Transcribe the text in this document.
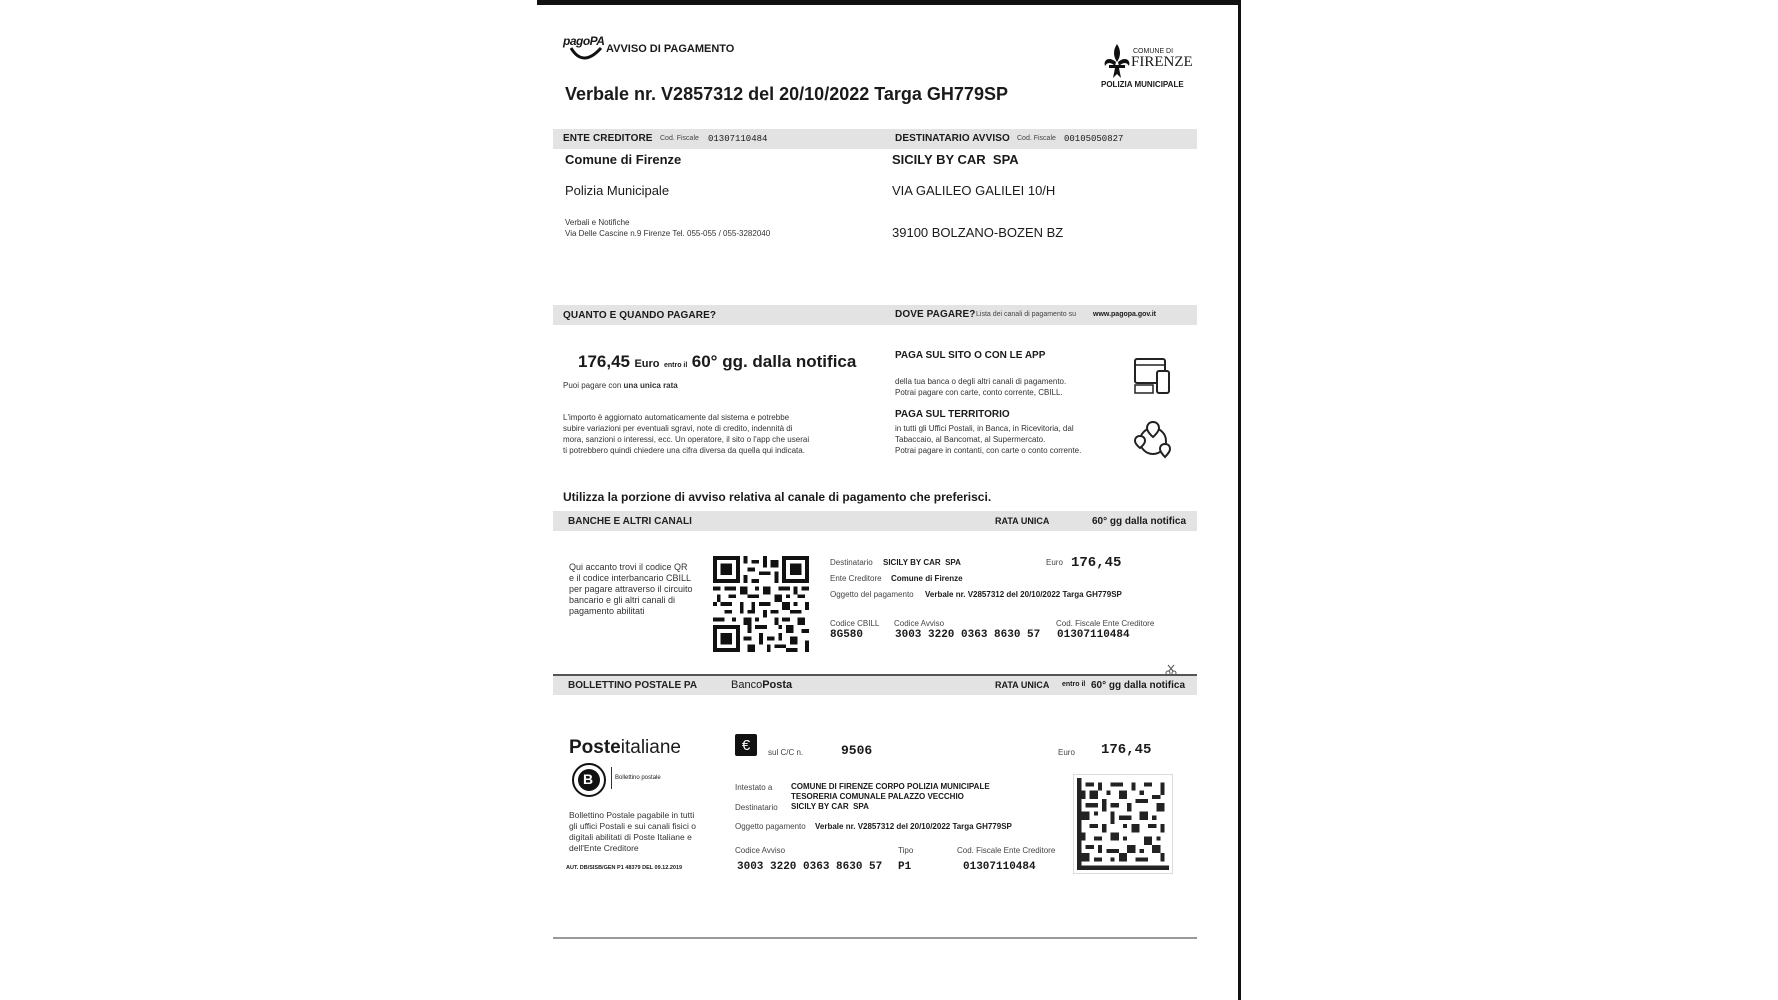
pagoPA
AVVISO DI PAGAMENTO
Verbale nr. V2857312 del 20/10/2022 Targa GH779SP
COMUNE DI
FIRENZE
POLIZIA MUNICIPALE
ENTE CREDITORE Cod. Fiscale 01307110484	DESTINATARIO AVVISO Cod. Fiscale 00105050827
Comune di Firenze
Polizia Municipale
Verbali e Notifiche
Via Delle Cascine n.9 Firenze Tel. 055-055 / 055-3282040
SICILY BY CAR  SPA
VIA GALILEO GALILEI 10/H
39100 BOLZANO-BOZEN BZ
QUANTO E QUANDO PAGARE?	DOVE PAGARE? Lista dei canali di pagamento su www.pagopa.gov.it
176,45 Euro entro il 60° gg. dalla notifica
Puoi pagare con una unica rata
L'importo è aggiornato automaticamente dal sistema e potrebbe
subire variazioni per eventuali sgravi, note di credito, indennità di
mora, sanzioni o interessi, ecc. Un operatore, il sito o l'app che userai
ti potrebbero quindi chiedere una cifra diversa da quella qui indicata.
PAGA SUL SITO O CON LE APP
della tua banca o degli altri canali di pagamento.
Potrai pagare con carte, conto corrente, CBILL.
PAGA SUL TERRITORIO
in tutti gli Uffici Postali, in Banca, in Ricevitoria, dal
Tabaccaio, al Bancomat, al Supermercato.
Potrai pagare in contanti, con carte o conto corrente.
Utilizza la porzione di avviso relativa al canale di pagamento che preferisci.
BANCHE E ALTRI CANALI	RATA UNICA	60° gg dalla notifica
Qui accanto trovi il codice QR
e il codice interbancario CBILL
per pagare attraverso il circuito
bancario e gli altri canali di
pagamento abilitati
Destinatario SICILY BY CAR  SPA
Ente Creditore Comune di Firenze
Oggetto del pagamento Verbale nr. V2857312 del 20/10/2022 Targa GH779SP
Euro 176,45
Codice CBILL
8G580
Codice Avviso
3003 3220 0363 8630 57
Cod. Fiscale Ente Creditore
01307110484
BOLLETTINO POSTALE PA	BancoPosta	RATA UNICA entro il 60° gg dalla notifica
Posteitaliane
B	Bollettino postale
Bollettino Postale pagabile in tutti
gli uffici Postali e sui canali fisici o
digitali abilitati di Poste Italiane e
dell'Ente Creditore
AUT. DB/SISB/GEN P1 48379 DEL 09.12.2019
€ sul C/C n.	9506	Euro 176,45
Intestato a COMUNE DI FIRENZE CORPO POLIZIA MUNICIPALE
TESORERIA COMUNALE PALAZZO VECCHIO
Destinatario SICILY BY CAR  SPA
Oggetto pagamento Verbale nr. V2857312 del 20/10/2022 Targa GH779SP
Codice Avviso
3003 3220 0363 8630 57
Tipo
P1
Cod. Fiscale Ente Creditore
01307110484
